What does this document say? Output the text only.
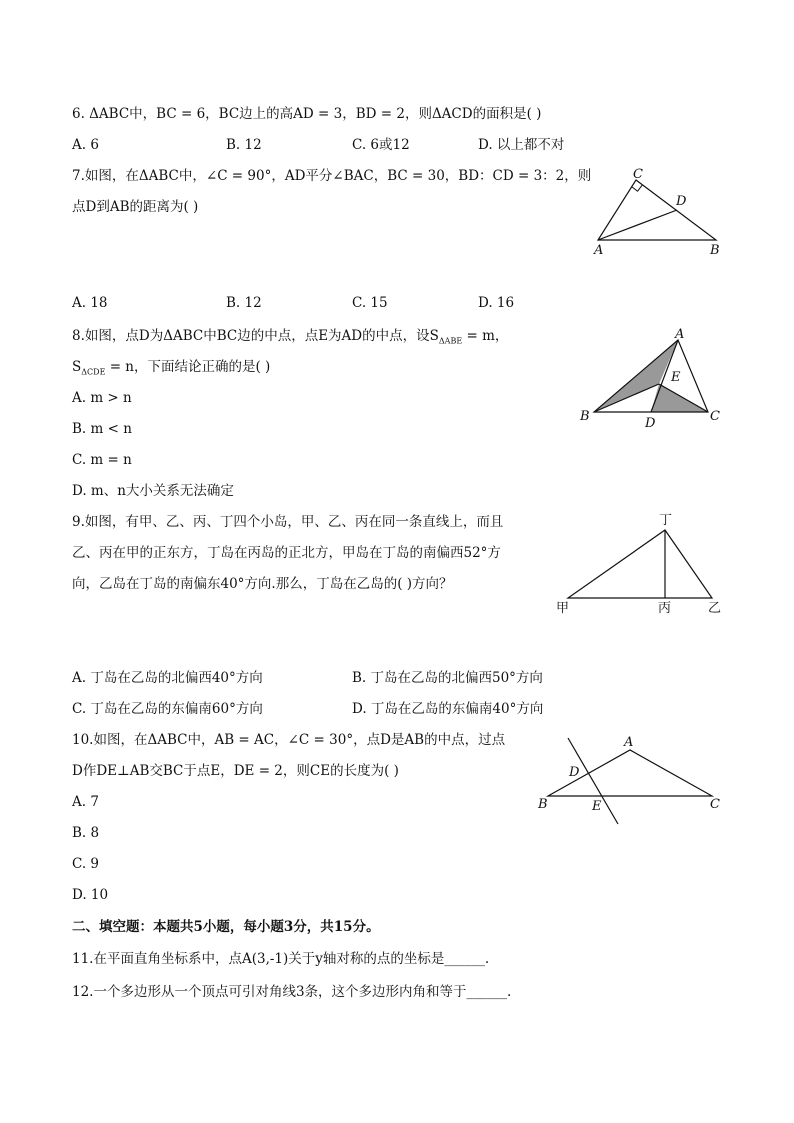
6. ΔABC中，BC = 6，BC边上的高AD = 3，BD = 2，则ΔACD的面积是( )
A. 6	B. 12	C. 6或12	D. 以上都不对
7.如图，在ΔABC中，∠C = 90°，AD平分∠BAC，BC = 30，BD：CD = 3：2，则
点D到AB的距离为( )
C
D
A	B
A. 18	B. 12	C. 15	D. 16
8.如图，点D为ΔABC中BC边的中点，点E为AD的中点，设$S_{\Delta ABE} = m$，
$S_{\Delta CDE} = n$，下面结论正确的是( )
A. m > n
B. m < n
C. m = n
D. m、n大小关系无法确定
A
E
B	C
D
9.如图，有甲、乙、丙、丁四个小岛，甲、乙、丙在同一条直线上，而且
乙、丙在甲的正东方，丁岛在丙岛的正北方，甲岛在丁岛的南偏西52°方
向，乙岛在丁岛的南偏东40°方向.那么，丁岛在乙岛的( )方向？
丁
甲	丙	乙
A. 丁岛在乙岛的北偏西40°方向	B. 丁岛在乙岛的北偏西50°方向
C. 丁岛在乙岛的东偏南60°方向	D. 丁岛在乙岛的东偏南40°方向
10.如图，在ΔABC中，AB = AC，∠C = 30°，点D是AB的中点，过点
D作DE⊥AB交BC于点E，DE = 2，则CE的长度为( )
A. 7
B. 8
C. 9
D. 10
A
D
B	E	C
二、填空题：本题共5小题，每小题3分，共15分。
11.在平面直角坐标系中，点A(3,-1)关于y轴对称的点的坐标是______.
12.一个多边形从一个顶点可引对角线3条，这个多边形内角和等于______.
